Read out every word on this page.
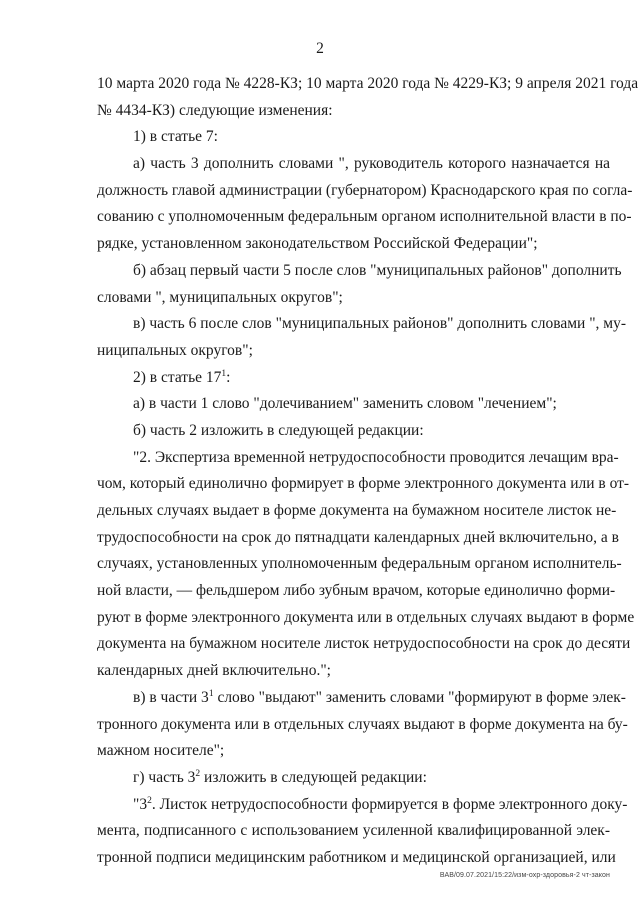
2
10 марта 2020 года № 4228-КЗ; 10 марта 2020 года № 4229-КЗ; 9 апреля 2021 года
№ 4434-КЗ) следующие изменения:
1) в статье 7:
а) часть 3 дополнить словами ", руководитель которого назначается на
должность главой администрации (губернатором) Краснодарского края по согла-
сованию с уполномоченным федеральным органом исполнительной власти в по-
рядке, установленном законодательством Российской Федерации";
б) абзац первый части 5 после слов "муниципальных районов" дополнить
словами ", муниципальных округов";
в) часть 6 после слов "муниципальных районов" дополнить словами ", му-
ниципальных округов";
2) в статье $17^1$:
а) в части 1 слово "долечиванием" заменить словом "лечением";
б) часть 2 изложить в следующей редакции:
"2. Экспертиза временной нетрудоспособности проводится лечащим вра-
чом, который единолично формирует в форме электронного документа или в от-
дельных случаях выдает в форме документа на бумажном носителе листок не-
трудоспособности на срок до пятнадцати календарных дней включительно, а в
случаях, установленных уполномоченным федеральным органом исполнитель-
ной власти, — фельдшером либо зубным врачом, которые единолично форми-
руют в форме электронного документа или в отдельных случаях выдают в форме
документа на бумажном носителе листок нетрудоспособности на срок до десяти
календарных дней включительно.";
в) в части $3^1$ слово "выдают" заменить словами "формируют в форме элек-
тронного документа или в отдельных случаях выдают в форме документа на бу-
мажном носителе";
г) часть $3^2$ изложить в следующей редакции:
"$3^2$. Листок нетрудоспособности формируется в форме электронного доку-
мента, подписанного с использованием усиленной квалифицированной элек-
тронной подписи медицинским работником и медицинской организацией, или
ВАВ/09.07.2021/15:22/изм-охр-здоровья-2 чт-закон
